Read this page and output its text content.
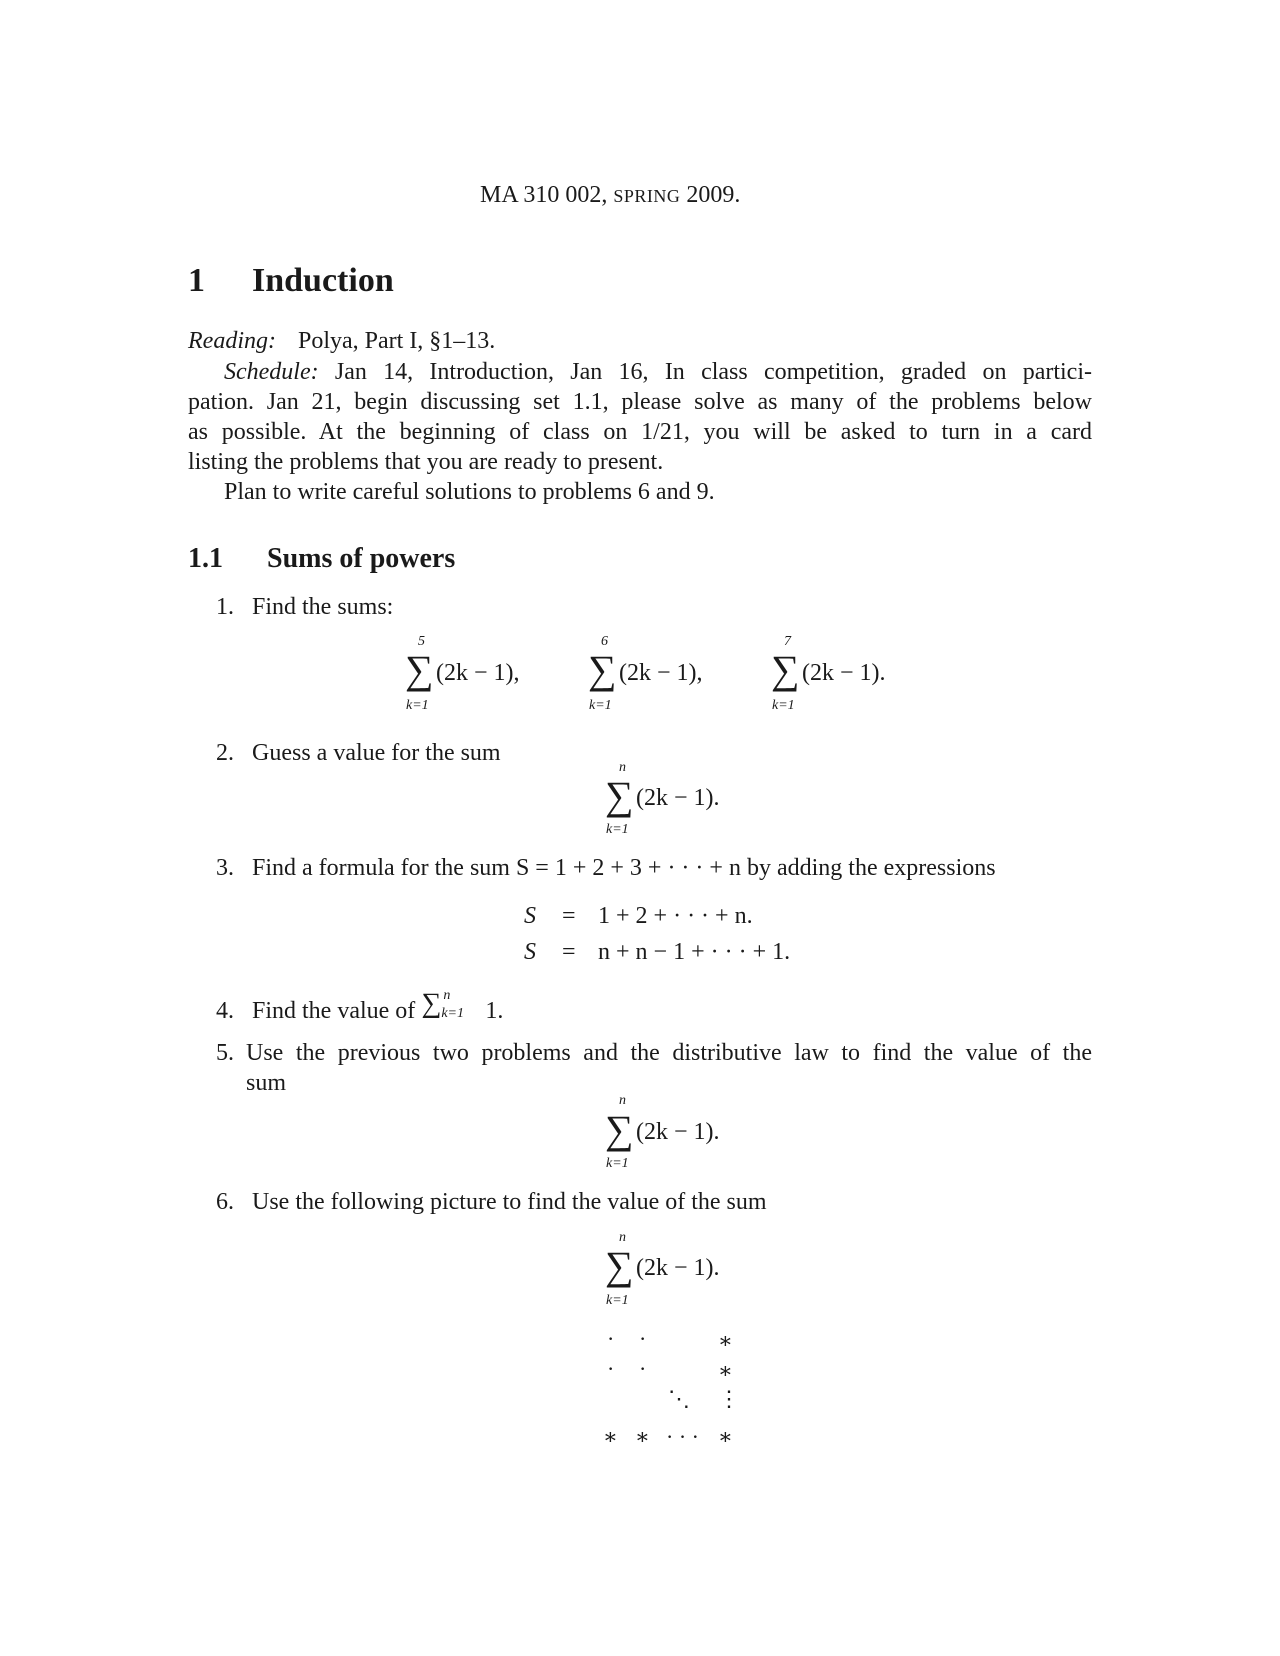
MA 310 002, SPRING 2009.
1 Induction
Reading: Polya, Part I, §1–13.
Schedule: Jan 14, Introduction, Jan 16, In class competition, graded on partici-
pation. Jan 21, begin discussing set 1.1, please solve as many of the problems below
as possible. At the beginning of class on 1/21, you will be asked to turn in a card
listing the problems that you are ready to present.
Plan to write careful solutions to problems 6 and 9.
1.1 Sums of powers
1. Find the sums:
5
∑
k=1
(2k − 1),
6
∑
k=1
(2k − 1),
7
∑
k=1
(2k − 1).
2. Guess a value for the sum
n
∑
k=1
(2k − 1).
3. Find a formula for the sum S = 1 + 2 + 3 + · · · + n by adding the expressions
S = 1 + 2 + · · · + n.
S = n + n − 1 + · · · + 1.
4. Find the value of ∑ n
k=1 1.
5. Use the previous two problems and the distributive law to find the value of the
sum
n
∑
k=1
(2k − 1).
6. Use the following picture to find the value of the sum
n
∑
k=1
(2k − 1).
· ·	∗
· ·	∗
⋱ ⋮
∗ ∗ · · · ∗
